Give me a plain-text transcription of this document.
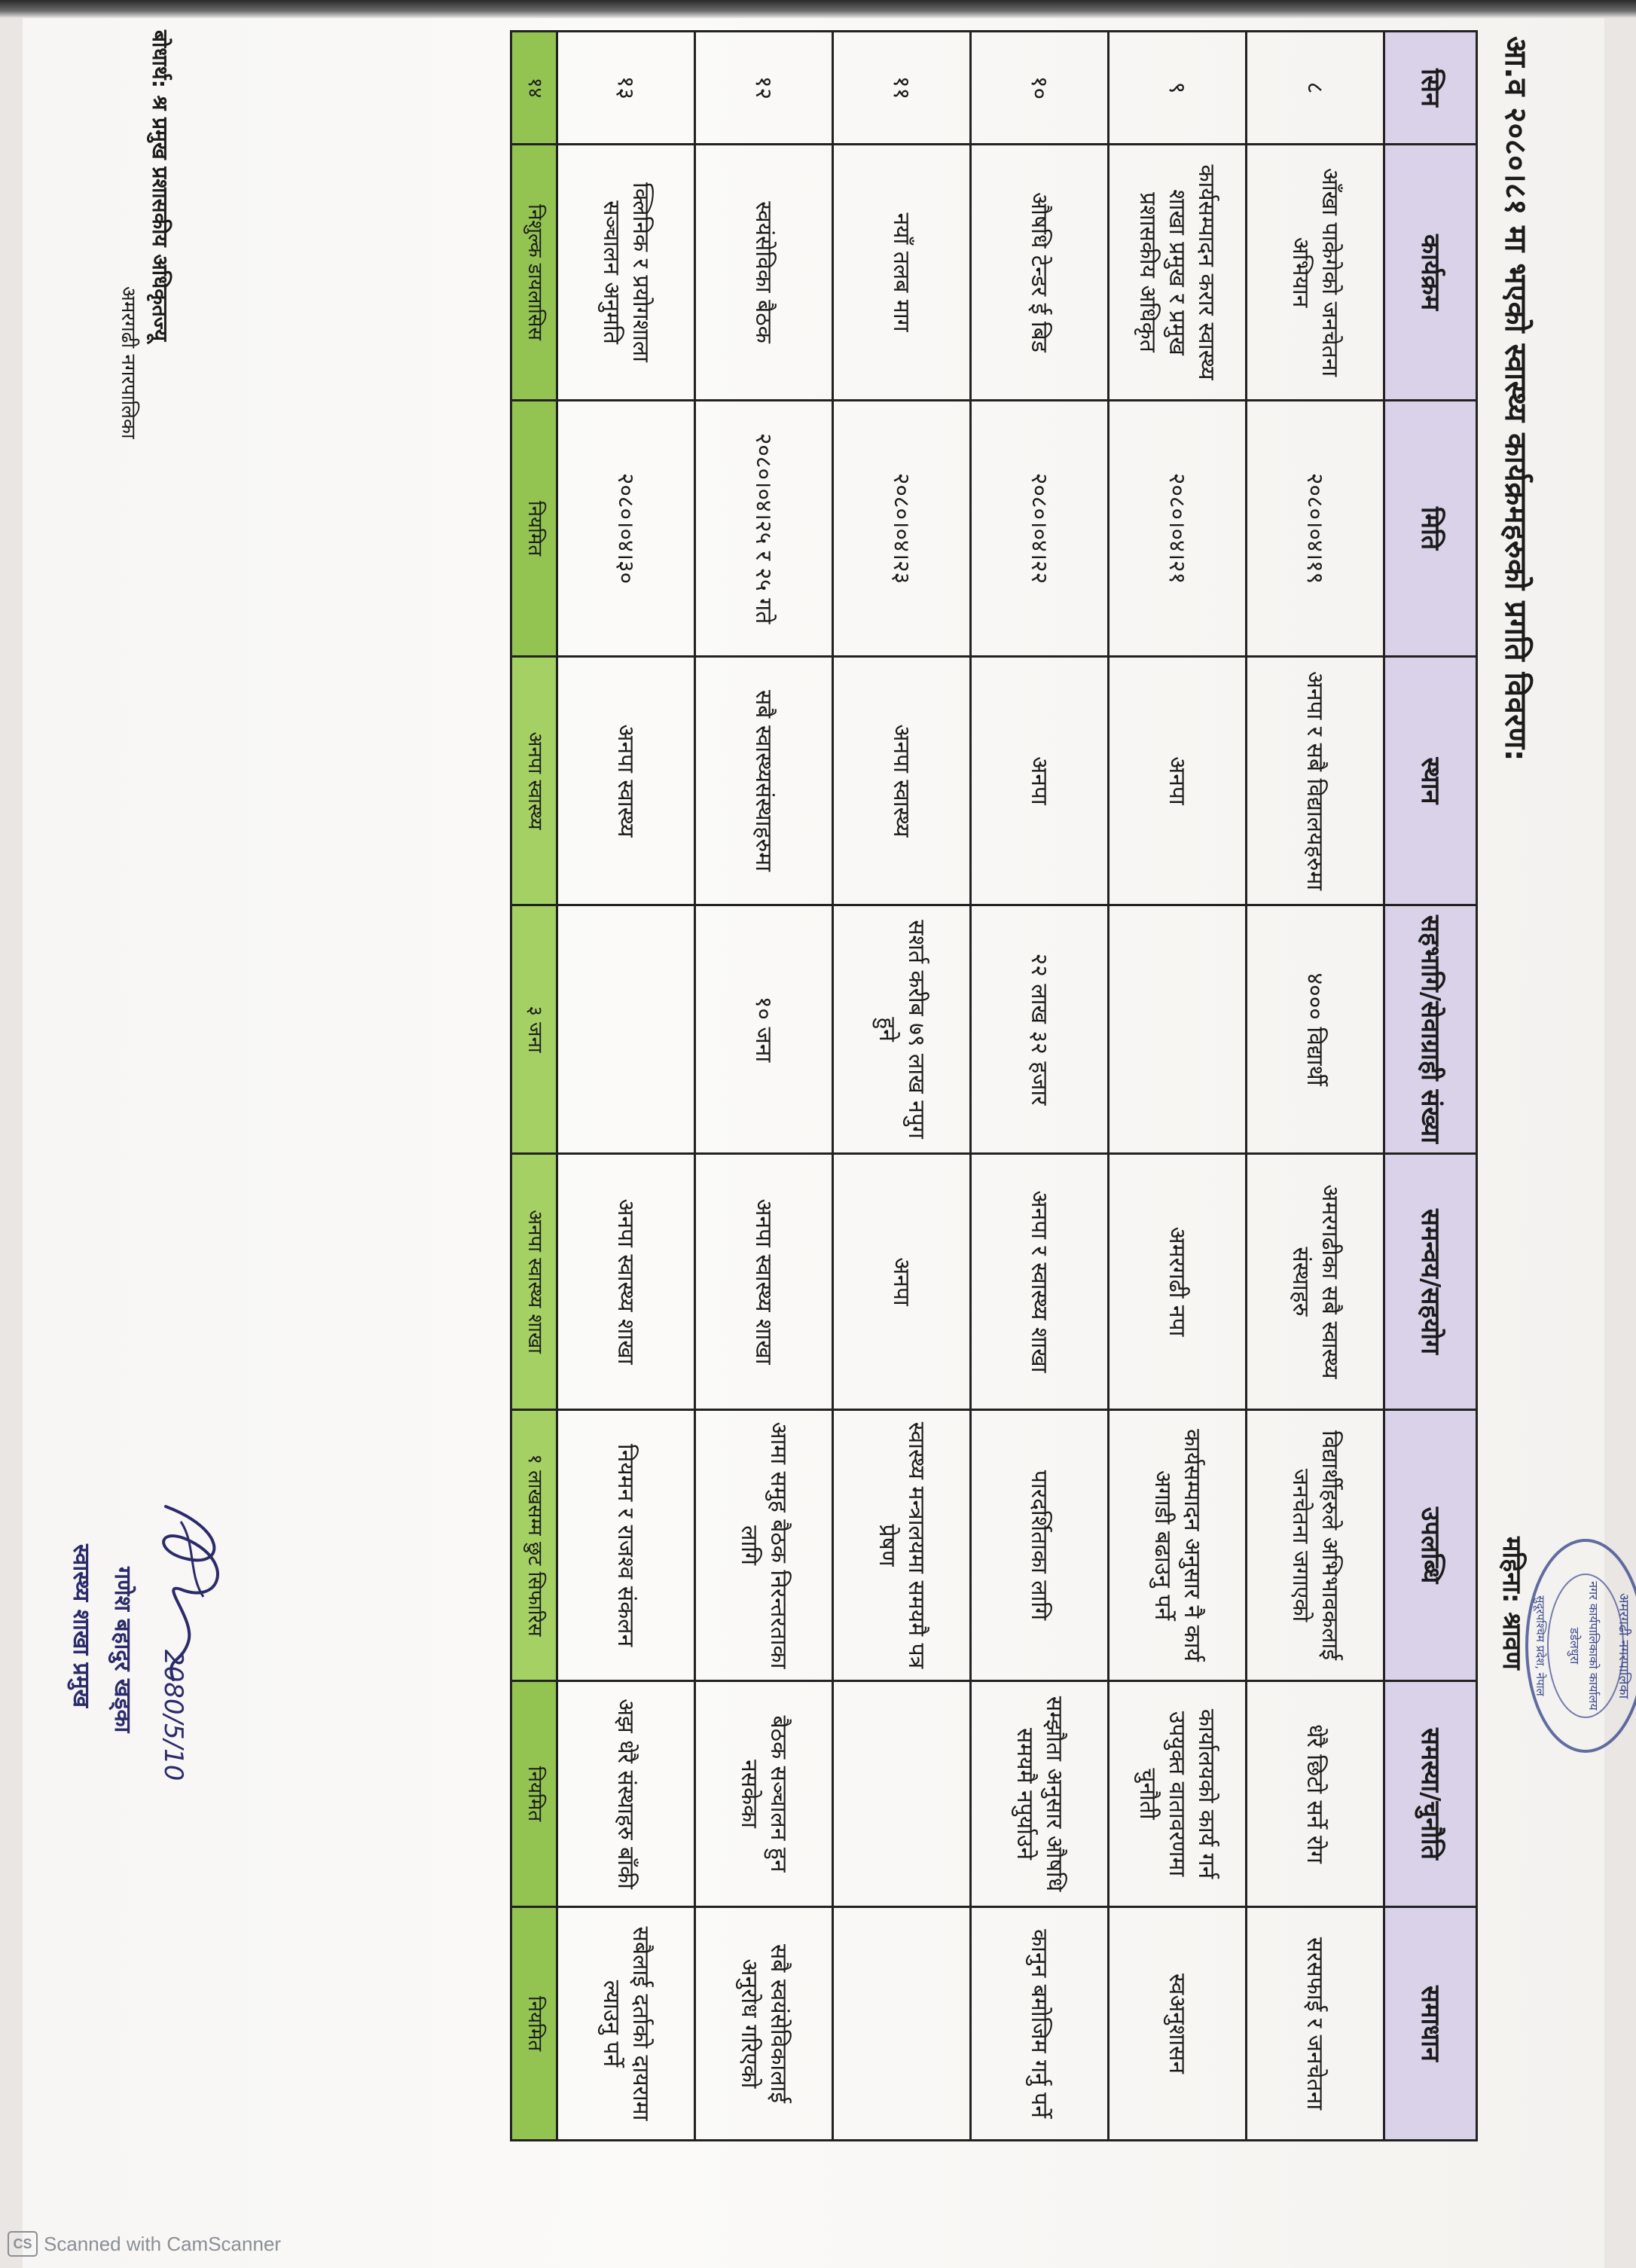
आ.व २०८०।८१ मा भएको स्वास्थ्य कार्यक्रमहरुको प्रगति विवरण:
महिना: श्रावण	अमरगढी नगरपालिका
नगर कार्यपालिकाको कार्यालय
डडेलधुरा
सुदूरपश्चिम प्रदेश, नेपाल
सिन	कार्यक्रम	मिति	स्थान	सहभागि/सेवाग्राही संख्या	समन्वय/सहयोग	उपलब्धि	समस्या/चुनौति	समाधान
८	आँखा पाकेगेको जनचेतना अभियान	२०८०।०४।१९	अनपा र सबै विद्यालयहरुमा	४००० विद्यार्थी	अमरगढीका सबै स्वास्थ्य संस्थाहरु	विद्यार्थीहरुले अभिभावकलाई जनचेतना जगाएको	धेरै छिटो सर्ने रोग	सरसफाई र जनचेतना
९	कार्यसम्पादन करार स्वास्थ्य शाखा प्रमुख र प्रमुख प्रशासकीय अधिकृत	२०८०।०४।२१	अनपा		अमरगढी नपा	कार्यसम्पादन अनुसार नै कार्य अगाडी बढाउनु पर्ने	कार्यालयको कार्य गर्न उपयुक्त वातावरणमा चुनौती	स्वअनुशासन
१०	औषधि टेन्डर ई बिड	२०८०।०४।२२	अनपा	२२ लाख ३२ हजार	अनपा र स्वास्थ्य शाखा	पारदर्शिताका लागि	सम्झौता अनुसार औषधि समयमै नपुर्याउने	कानुन बमोजिम गर्नु पर्ने
११	नयाँ तलब माग	२०८०।०४।२३	अनपा स्वास्थ्य	सशर्त करीब ७९ लाख नपुग हुने	अनपा	स्वास्थ्य मन्त्रालयमा समयमै पत्र प्रेषण		
१२	स्वयंसेविका बैठक	२०८०।०४।२५ र २५ गते	सबै स्वास्थ्यसंस्थाहरुमा	१० जना	अनपा स्वास्थ्य शाखा	आमा समुह बैठक निरन्तरताका लागि	बैठक सञ्चालन हुन नसकेका	सबै स्वयंसेविकालाई अनुरोध गरिएको
१३	क्लिनिक र प्रयोगशाला सञ्चालन अनुमति	२०८०।०४।३०	अनपा स्वास्थ्य		अनपा स्वास्थ्य शाखा	नियमन र राजश्व संकलन	अझ धेरै संस्थाहरु बाँकी	सबैलाई दर्ताको दायरामा ल्याउनु पर्ने
१४	निशुल्क डायलासिस	नियमित	अनपा स्वास्थ्य	३ जना	अनपा स्वास्थ्य शाखा	१ लाखसम्म छुट सिफारिस	नियमित	नियमित
बोधार्थ: श्र प्रमुख प्रशासकीय अधिकृतज्यू
अमरगढी नगरपालिका
2080/5/10
गणेश बहादुर खड्‌का
स्वास्थ्य शाखा प्रमुख
CS Scanned with CamScanner
